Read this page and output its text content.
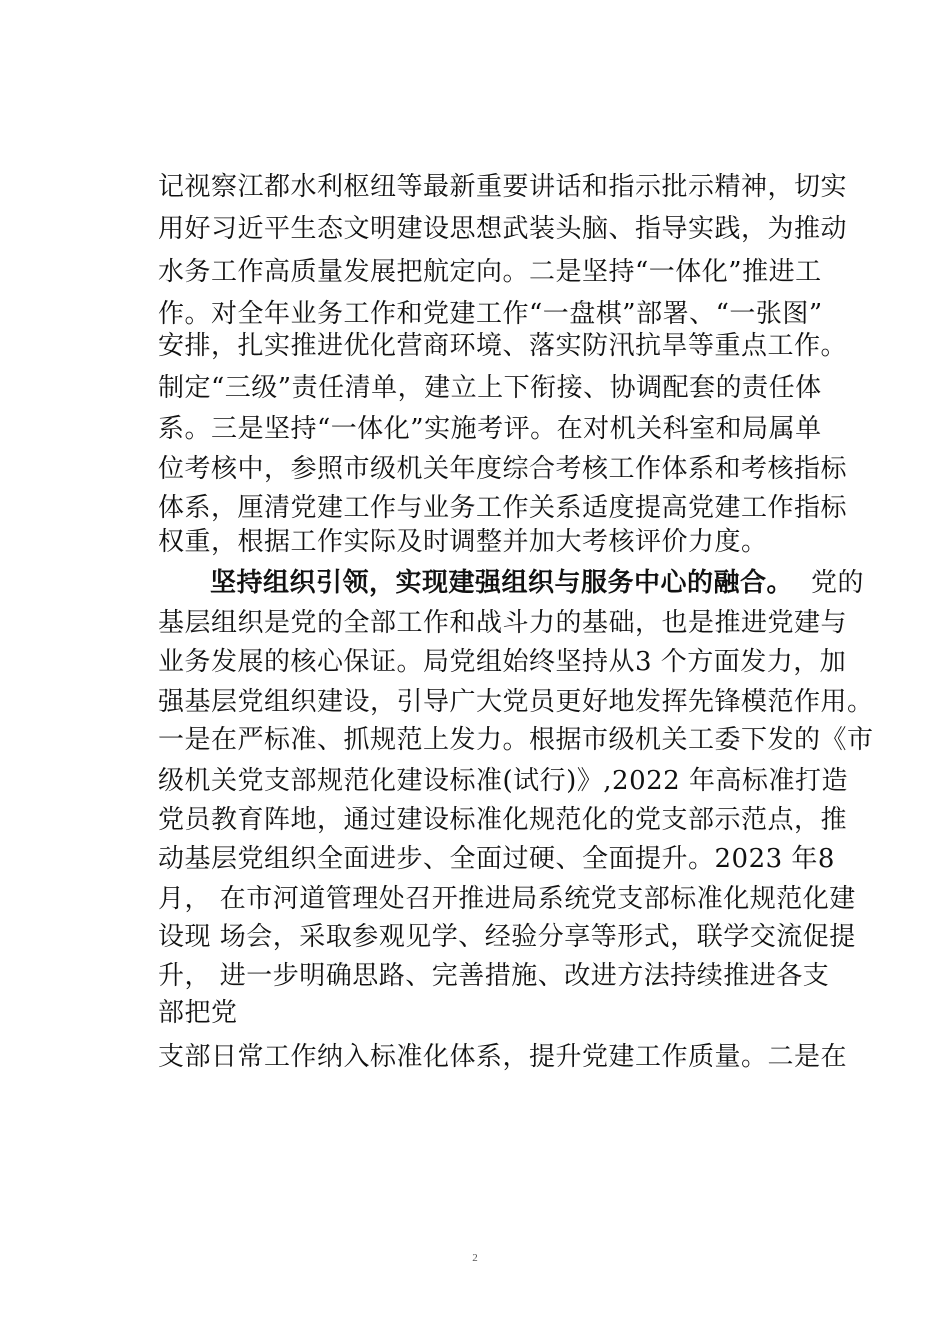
记视察江都水利枢纽等最新重要讲话和指示批示精神，切实
用好习近平生态文明建设思想武装头脑、指导实践，为推动
水务工作高质量发展把航定向。二是坚持“一体化”推进工
作。对全年业务工作和党建工作“一盘棋”部署、“一张图”
安排，扎实推进优化营商环境、落实防汛抗旱等重点工作。
制定“三级”责任清单，建立上下衔接、协调配套的责任体
系。三是坚持“一体化”实施考评。在对机关科室和局属单
位考核中，参照市级机关年度综合考核工作体系和考核指标
体系，厘清党建工作与业务工作关系适度提高党建工作指标
权重，根据工作实际及时调整并加大考核评价力度。
坚持组织引领，实现建强组织与服务中心的融合。 党的
基层组织是党的全部工作和战斗力的基础，也是推进党建与
业务发展的核心保证。局党组始终坚持从3 个方面发力，加
强基层党组织建设，引导广大党员更好地发挥先锋模范作用。
一是在严标准、抓规范上发力。根据市级机关工委下发的《市
级机关党支部规范化建设标准(试行)》,2022 年高标准打造
党员教育阵地，通过建设标准化规范化的党支部示范点，推
动基层党组织全面进步、全面过硬、全面提升。2023 年8
月， 在市河道管理处召开推进局系统党支部标准化规范化建
设现 场会，采取参观见学、经验分享等形式，联学交流促提
升， 进一步明确思路、完善措施、改进方法持续推进各支
部把党
支部日常工作纳入标准化体系，提升党建工作质量。二是在
2
